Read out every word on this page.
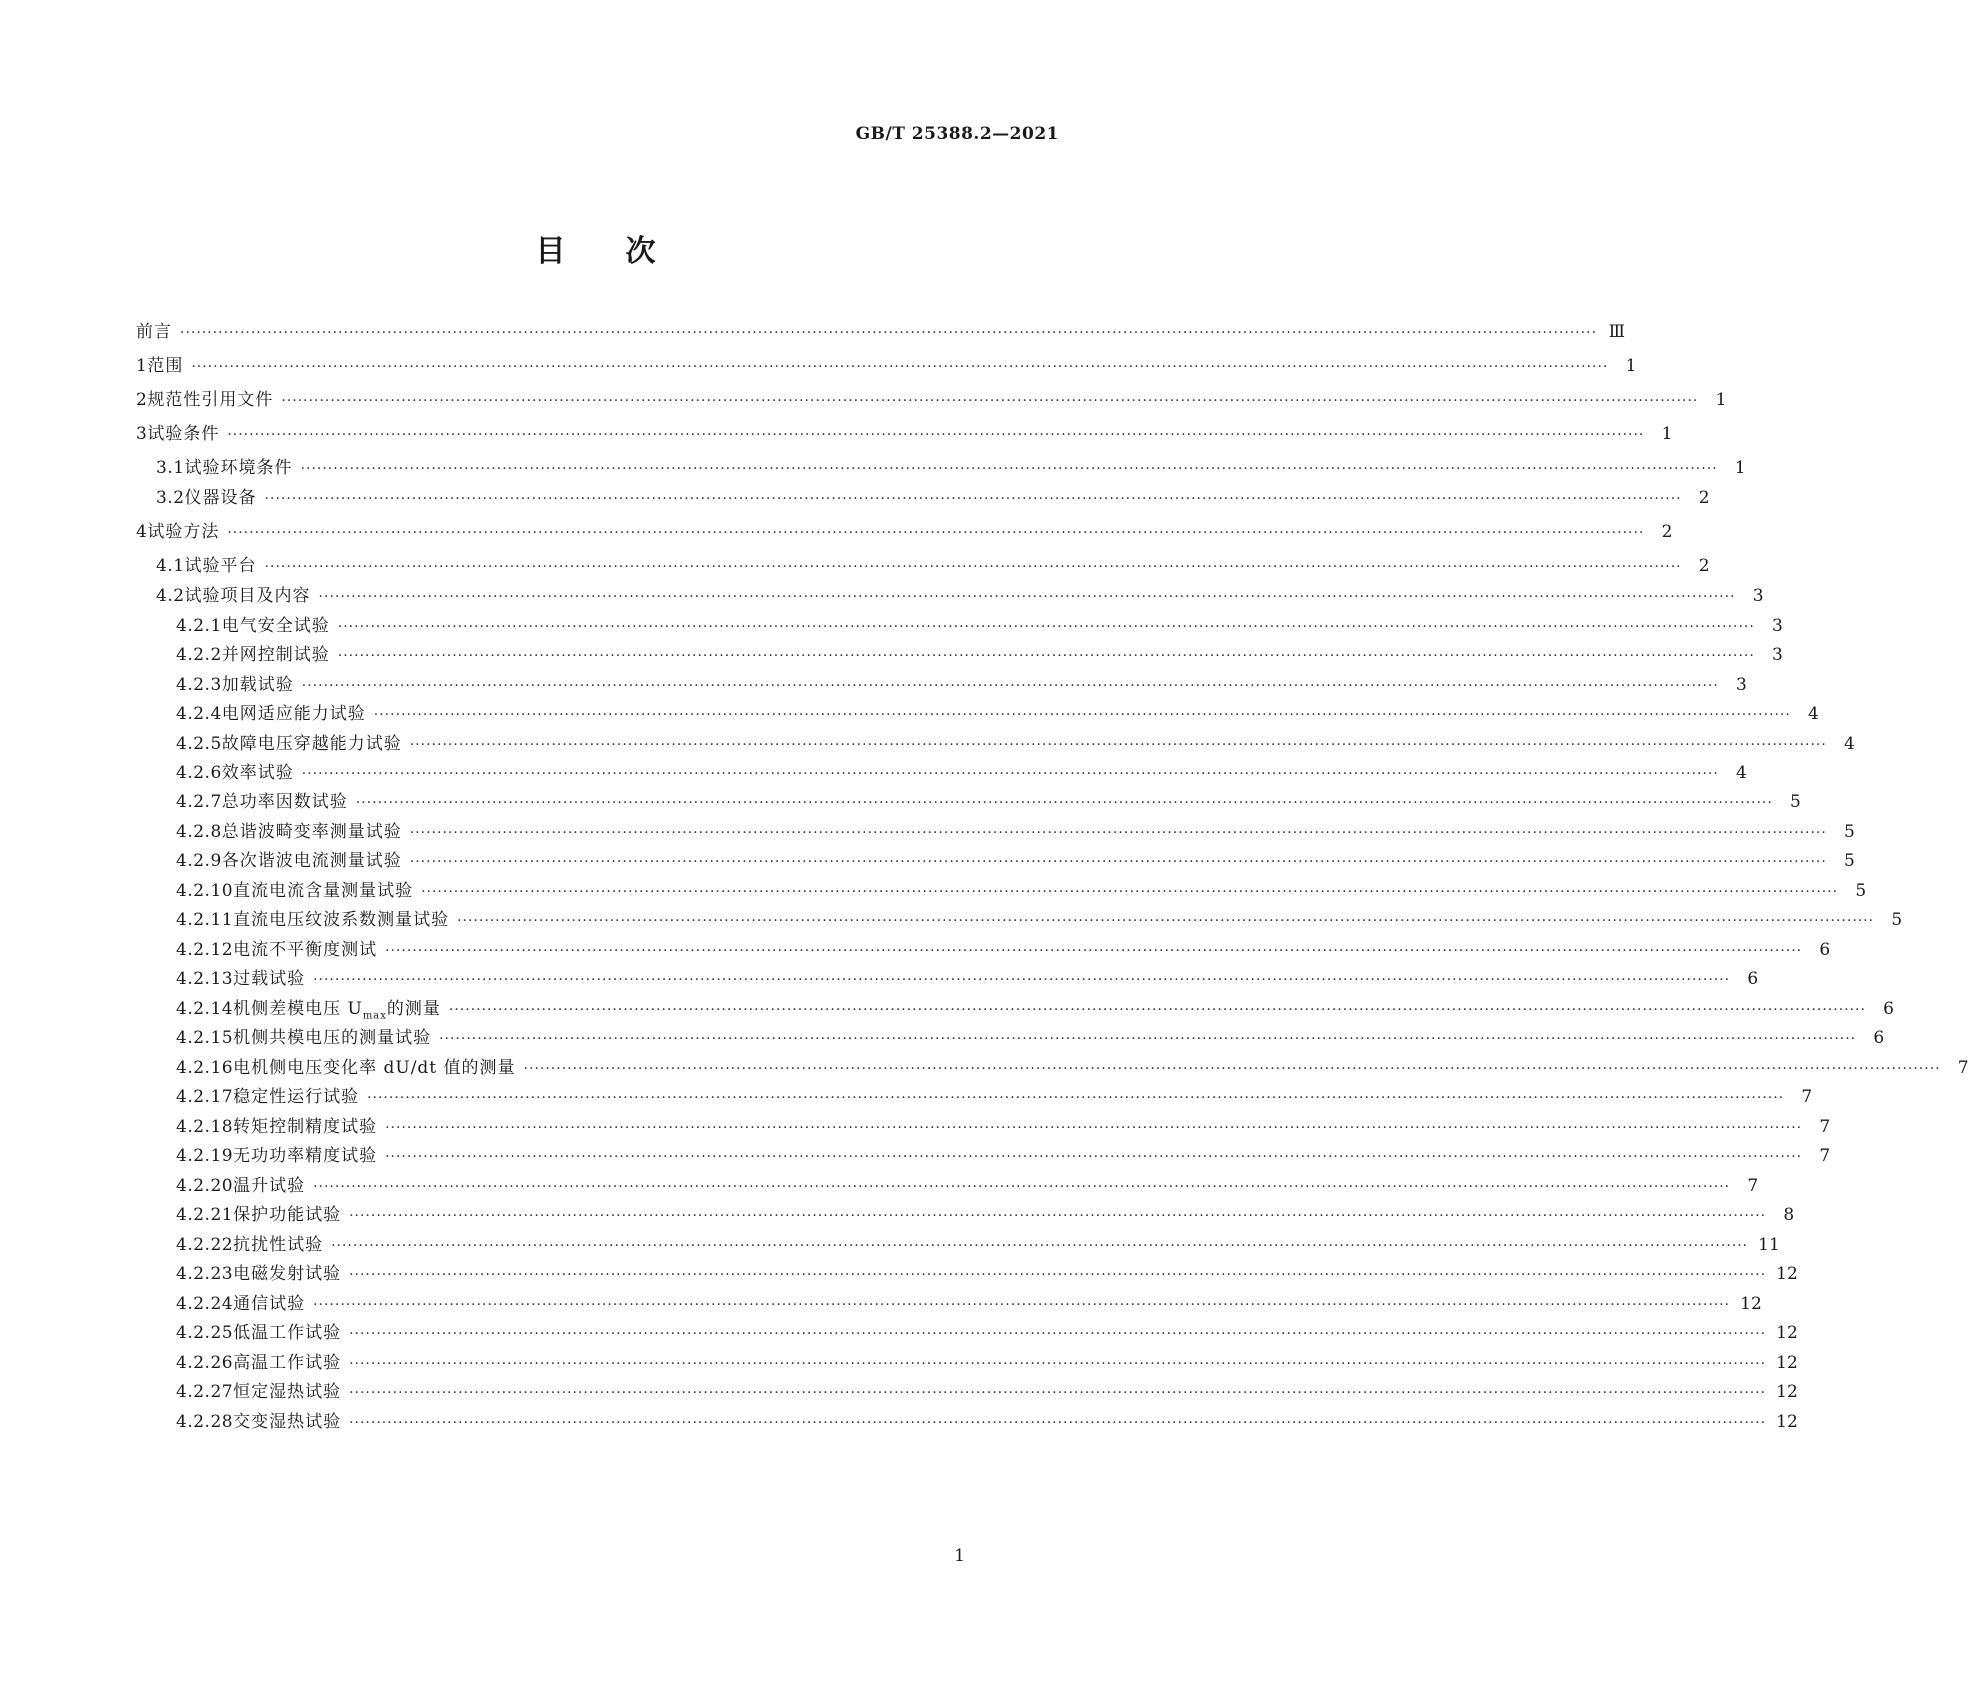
GB/T 25388.2—2021
目次
前言 ···································································································································································································································································· Ⅲ
1 范围 ····································································································································································································································································	1
2 规范性引用文件 ····································································································································································································································································	1
3 试验条件 ····································································································································································································································································	1
3.1 试验环境条件 ····································································································································································································································································	1
3.2 仪器设备 ····································································································································································································································································	2
4 试验方法 ····································································································································································································································································	2
4.1 试验平台 ····································································································································································································································································	2
4.2 试验项目及内容 ····································································································································································································································································	3
4.2.1 电气安全试验 ····································································································································································································································································	3
4.2.2 并网控制试验 ····································································································································································································································································	3
4.2.3 加载试验 ····································································································································································································································································	3
4.2.4 电网适应能力试验 ····································································································································································································································································	4
4.2.5 故障电压穿越能力试验 ····································································································································································································································································	4
4.2.6 效率试验 ····································································································································································································································································	4
4.2.7 总功率因数试验 ····································································································································································································································································	5
4.2.8 总谐波畸变率测量试验 ····································································································································································································································································	5
4.2.9 各次谐波电流测量试验 ····································································································································································································································································	5
4.2.10 直流电流含量测量试验 ····································································································································································································································································	5
4.2.11 直流电压纹波系数测量试验 ····································································································································································································································································	5
4.2.12 电流不平衡度测试 ····································································································································································································································································	6
4.2.13 过载试验 ····································································································································································································································································	6
4.2.14 机侧差模电压 $U_{max}$的测量 ····································································································································································································································································	6
4.2.15 机侧共模电压的测量试验 ····································································································································································································································································	6
4.2.16 电机侧电压变化率 dU/dt 值的测量 ····································································································································································································································································	7
4.2.17 稳定性运行试验 ····································································································································································································································································	7
4.2.18 转矩控制精度试验 ····································································································································································································································································	7
4.2.19 无功功率精度试验 ····································································································································································································································································	7
4.2.20 温升试验 ····································································································································································································································································	7
4.2.21 保护功能试验 ····································································································································································································································································	8
4.2.22 抗扰性试验 ···································································································································································································································································· 11
4.2.23 电磁发射试验 ···································································································································································································································································· 12
4.2.24 通信试验 ···································································································································································································································································· 12
4.2.25 低温工作试验 ···································································································································································································································································· 12
4.2.26 高温工作试验 ···································································································································································································································································· 12
4.2.27 恒定湿热试验 ···································································································································································································································································· 12
4.2.28 交变湿热试验 ···································································································································································································································································· 12
1
